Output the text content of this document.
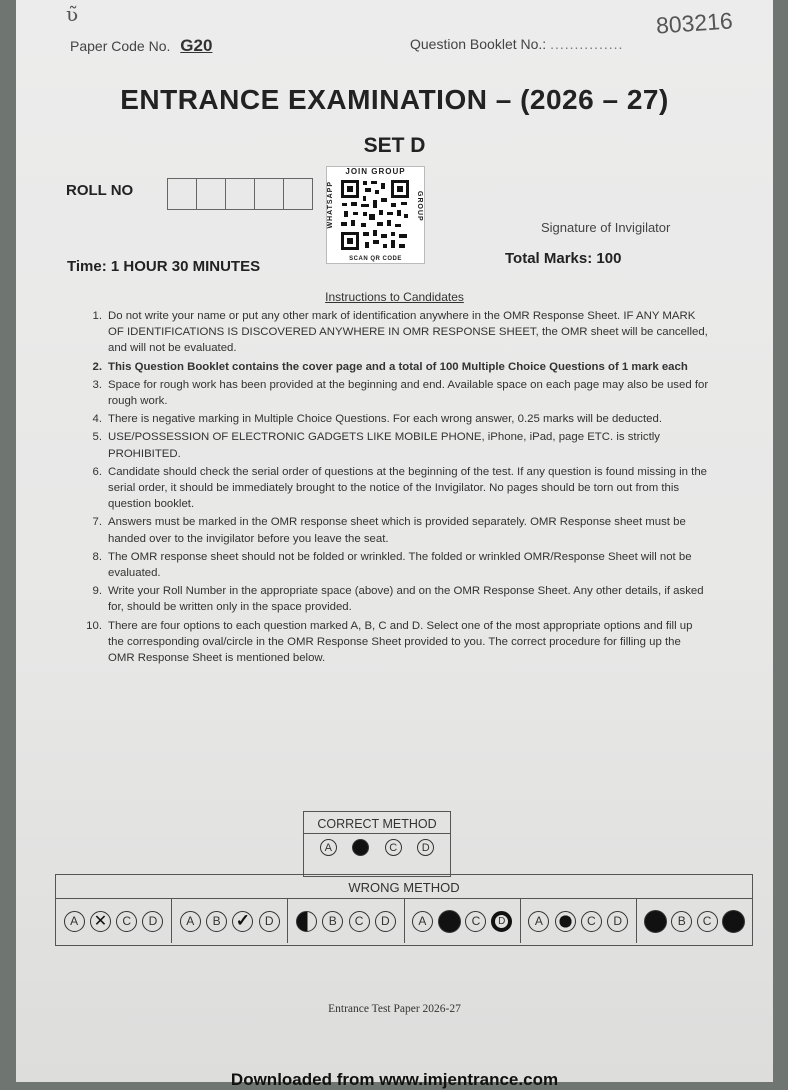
ʋ̃
Paper Code No. G20	Question Booklet No.: ...............
803216
ENTRANCE EXAMINATION – (2026 – 27)
SET D
ROLL NO
JOIN GROUP
WHATSAPP	GROUP
SCAN QR CODE
Signature of Invigilator
Time: 1 HOUR 30 MINUTES	Total Marks: 100
Instructions to Candidates
1. Do not write your name or put any other mark of identification anywhere in the OMR Response Sheet. IF ANY MARK OF IDENTIFICATIONS IS DISCOVERED ANYWHERE IN OMR RESPONSE SHEET, the OMR sheet will be cancelled, and will not be evaluated.
2. This Question Booklet contains the cover page and a total of 100 Multiple Choice Questions of 1 mark each
3. Space for rough work has been provided at the beginning and end. Available space on each page may also be used for rough work.
4. There is negative marking in Multiple Choice Questions. For each wrong answer, 0.25 marks will be deducted.
5. USE/POSSESSION OF ELECTRONIC GADGETS LIKE MOBILE PHONE, iPhone, iPad, page ETC. is strictly PROHIBITED.
6. Candidate should check the serial order of questions at the beginning of the test. If any question is found missing in the serial order, it should be immediately brought to the notice of the Invigilator. No pages should be torn out from this question booklet.
7. Answers must be marked in the OMR response sheet which is provided separately. OMR Response sheet must be handed over to the invigilator before you leave the seat.
8. The OMR response sheet should not be folded or wrinkled. The folded or wrinkled OMR/Response Sheet will not be evaluated.
9. Write your Roll Number in the appropriate space (above) and on the OMR Response Sheet. Any other details, if asked for, should be written only in the space provided.
10. There are four options to each question marked A, B, C and D. Select one of the most appropriate options and fill up the corresponding oval/circle in the OMR Response Sheet provided to you. The correct procedure for filling up the OMR Response Sheet is mentioned below.
CORRECT METHOD
A	C	D
WRONG METHOD
A ✕	C	D	A	B ✓	D	B	C	D	A	C	D	A	C	D	B	C
Entrance Test Paper 2026-27
Downloaded from www.imjentrance.com
